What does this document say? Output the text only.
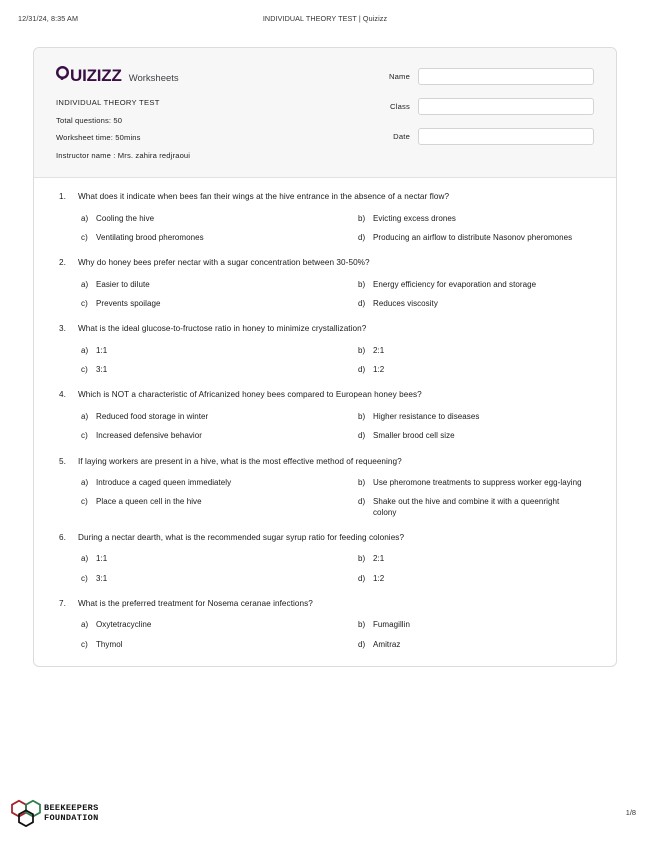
12/31/24, 8:35 AM	INDIVIDUAL THEORY TEST | Quizizz
UIZIZZ Worksheets
INDIVIDUAL THEORY TEST
Total questions: 50
Worksheet time: 50mins
Instructor name : Mrs. zahira redjraoui
Name
Class
Date
1.	What does it indicate when bees fan their wings at the hive entrance in the absence of a nectar flow?
a) Cooling the hive	b) Evicting excess drones
c)	Ventilating brood pheromones	d) Producing an airflow to distribute Nasonov pheromones
2.	Why do honey bees prefer nectar with a sugar concentration between 30-50%?
a) Easier to dilute	b) Energy efficiency for evaporation and storage
c)	Prevents spoilage	d) Reduces viscosity
3.	What is the ideal glucose-to-fructose ratio in honey to minimize crystallization?
a) 1:1	b) 2:1
c)	3:1	d) 1:2
4.	Which is NOT a characteristic of Africanized honey bees compared to European honey bees?
a) Reduced food storage in winter	b) Higher resistance to diseases
c)	Increased defensive behavior	d) Smaller brood cell size
5.	If laying workers are present in a hive, what is the most effective method of requeening?
a) Introduce a caged queen immediately	b) Use pheromone treatments to suppress worker egg-laying
c)	Place a queen cell in the hive	d) Shake out the hive and combine it with a queenright colony
6.	During a nectar dearth, what is the recommended sugar syrup ratio for feeding colonies?
a) 1:1	b) 2:1
c)	3:1	d) 1:2
7.	What is the preferred treatment for Nosema ceranae infections?
a) Oxytetracycline	b) Fumagillin
c)	Thymol	d) Amitraz
BEEKEEPERS
FOUNDATION
1/8
